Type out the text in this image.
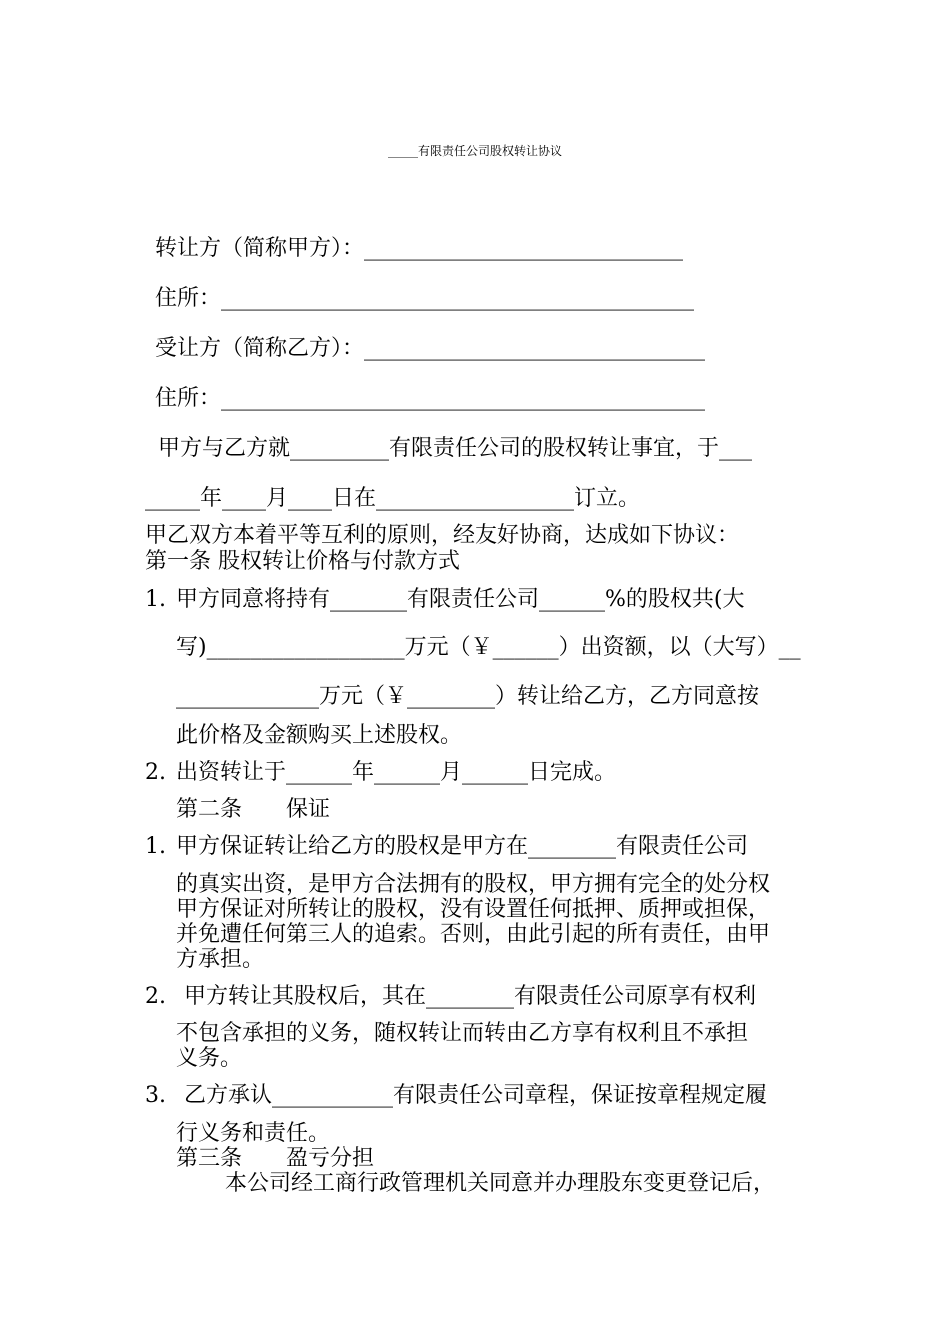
_____有限责任公司股权转让协议
转让方（简称甲方）：_____________________________
住所：___________________________________________
受让方（简称乙方）：_______________________________
住所：____________________________________________
甲方与乙方就_________有限责任公司的股权转让事宜，于___
_____年____月____日在__________________订立。
甲乙双方本着平等互利的原则，经友好协商，达成如下协议：
第一条 股权转让价格与付款方式
1. 甲方同意将持有_______有限责任公司______%的股权共(大
写)__________________万元（￥______）出资额，以（大写）__
_____________万元（￥________）转让给乙方，乙方同意按
此价格及金额购买上述股权。
2. 出资转让于______年______月______日完成。
第二条　　保证
1. 甲方保证转让给乙方的股权是甲方在________有限责任公司
的真实出资，是甲方合法拥有的股权，甲方拥有完全的处分权
甲方保证对所转让的股权，没有设置任何抵押、质押或担保，
并免遭任何第三人的追索。否则，由此引起的所有责任，由甲
方承担。
2. 甲方转让其股权后，其在________有限责任公司原享有权利
不包含承担的义务，随权转让而转由乙方享有权利且不承担
义务。
3. 乙方承认___________有限责任公司章程，保证按章程规定履
行义务和责任。
第三条　　盈亏分担
本公司经工商行政管理机关同意并办理股东变更登记后，
